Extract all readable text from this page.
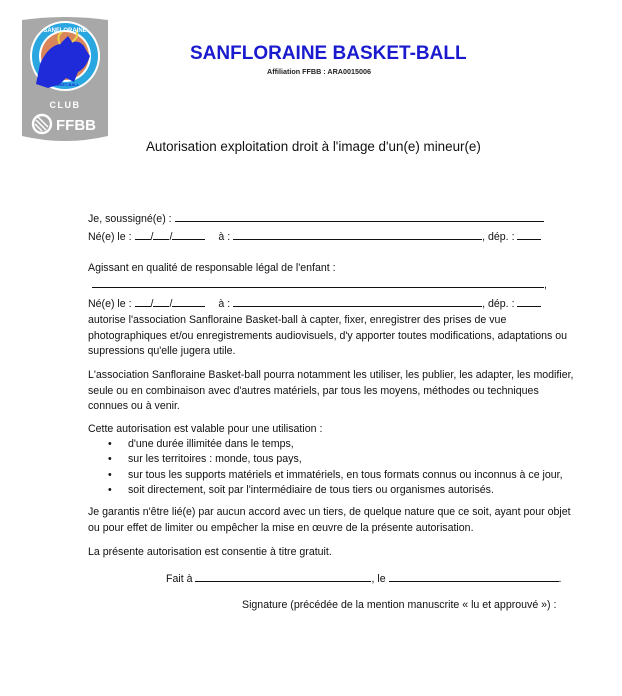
SANFLORAINE
BASKET-BALL
CLUB
FFBB
SANFLORAINE BASKET-BALL
Affiliation FFBB : ARA0015006
Autorisation exploitation droit à l'image d'un(e) mineur(e)
Je, soussigné(e) :
Né(e) le : / /	à :	, dép. :
Agissant en qualité de responsable légal de l'enfant :
,
Né(e) le : / /	à :	, dép. :
autorise l'association Sanfloraine Basket-ball à capter, fixer, enregistrer des prises de vue
photographiques et/ou enregistrements audiovisuels, d'y apporter toutes modifications, adaptations ou
supressions qu'elle jugera utile.
L'association Sanfloraine Basket-ball pourra notamment les utiliser, les publier, les adapter, les modifier,
seule ou en combinaison avec d'autres matériels, par tous les moyens, méthodes ou techniques
connues ou à venir.
Cette autorisation est valable pour une utilisation :
•	d'une durée illimitée dans le temps,
•	sur les territoires : monde, tous pays,
•	sur tous les supports matériels et immatériels, en tous formats connus ou inconnus à ce jour,
•	soit directement, soit par l'intermédiaire de tous tiers ou organismes autorisés.
Je garantis n'être lié(e) par aucun accord avec un tiers, de quelque nature que ce soit, ayant pour objet
ou pour effet de limiter ou empêcher la mise en œuvre de la présente autorisation.
La présente autorisation est consentie à titre gratuit.
Fait à	, le	.
Signature (précédée de la mention manuscrite « lu et approuvé ») :
